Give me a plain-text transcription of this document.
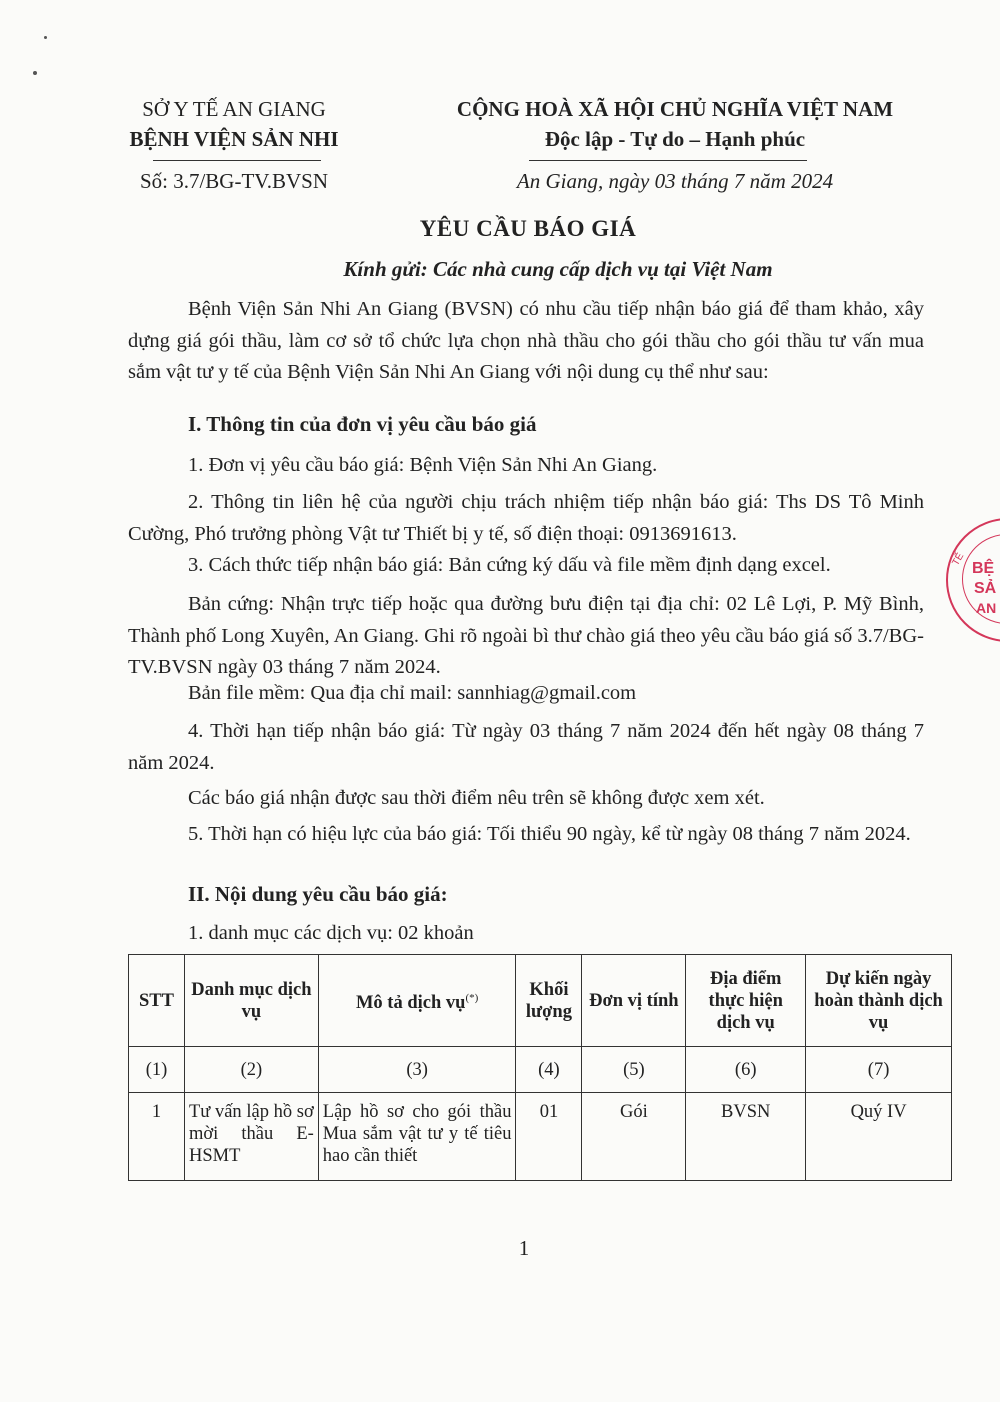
SỞ Y TẾ AN GIANG
BỆNH VIỆN SẢN NHI
Số: 3.7/BG-TV.BVSN
CỘNG HOÀ XÃ HỘI CHỦ NGHĨA VIỆT NAM
Độc lập - Tự do – Hạnh phúc
An Giang, ngày 03 tháng 7 năm 2024
YÊU CẦU BÁO GIÁ
Kính gửi: Các nhà cung cấp dịch vụ tại Việt Nam
Bệnh Viện Sản Nhi An Giang (BVSN) có nhu cầu tiếp nhận báo giá để tham khảo, xây dựng giá gói thầu, làm cơ sở tổ chức lựa chọn nhà thầu cho gói thầu cho gói thầu tư vấn mua sắm vật tư y tế của Bệnh Viện Sản Nhi An Giang với nội dung cụ thể như sau:
I. Thông tin của đơn vị yêu cầu báo giá
1. Đơn vị yêu cầu báo giá: Bệnh Viện Sản Nhi An Giang.
2. Thông tin liên hệ của người chịu trách nhiệm tiếp nhận báo giá: Ths DS Tô Minh Cường, Phó trưởng phòng Vật tư Thiết bị y tế, số điện thoại: 0913691613.
3. Cách thức tiếp nhận báo giá: Bản cứng ký dấu và file mềm định dạng excel.
Bản cứng: Nhận trực tiếp hoặc qua đường bưu điện tại địa chỉ: 02 Lê Lợi, P. Mỹ Bình, Thành phố Long Xuyên, An Giang. Ghi rõ ngoài bì thư chào giá theo yêu cầu báo giá số 3.7/BG-TV.BVSN ngày 03 tháng 7 năm 2024.
Bản file mềm: Qua địa chỉ mail: sannhiag@gmail.com
4. Thời hạn tiếp nhận báo giá: Từ ngày 03 tháng 7 năm 2024 đến hết ngày 08 tháng 7 năm 2024.
Các báo giá nhận được sau thời điểm nêu trên sẽ không được xem xét.
5. Thời hạn có hiệu lực của báo giá: Tối thiểu 90 ngày, kể từ ngày 08 tháng 7 năm 2024.
II. Nội dung yêu cầu báo giá:
1. danh mục các dịch vụ: 02 khoản
STT	Danh mục dịch vụ	Mô tả dịch vụ(*)	Khối lượng	Đơn vị tính	Địa điểm thực hiện dịch vụ	Dự kiến ngày hoàn thành dịch vụ
(1)	(2)	(3)	(4)	(5)	(6)	(7)
1	Tư vấn lập hồ sơ mời thầu E-HSMT	Lập hồ sơ cho gói thầu Mua sắm vật tư y tế tiêu hao cần thiết	01	Gói	BVSN	Quý IV
1
BỆ
SẢ
AN
TẾ
